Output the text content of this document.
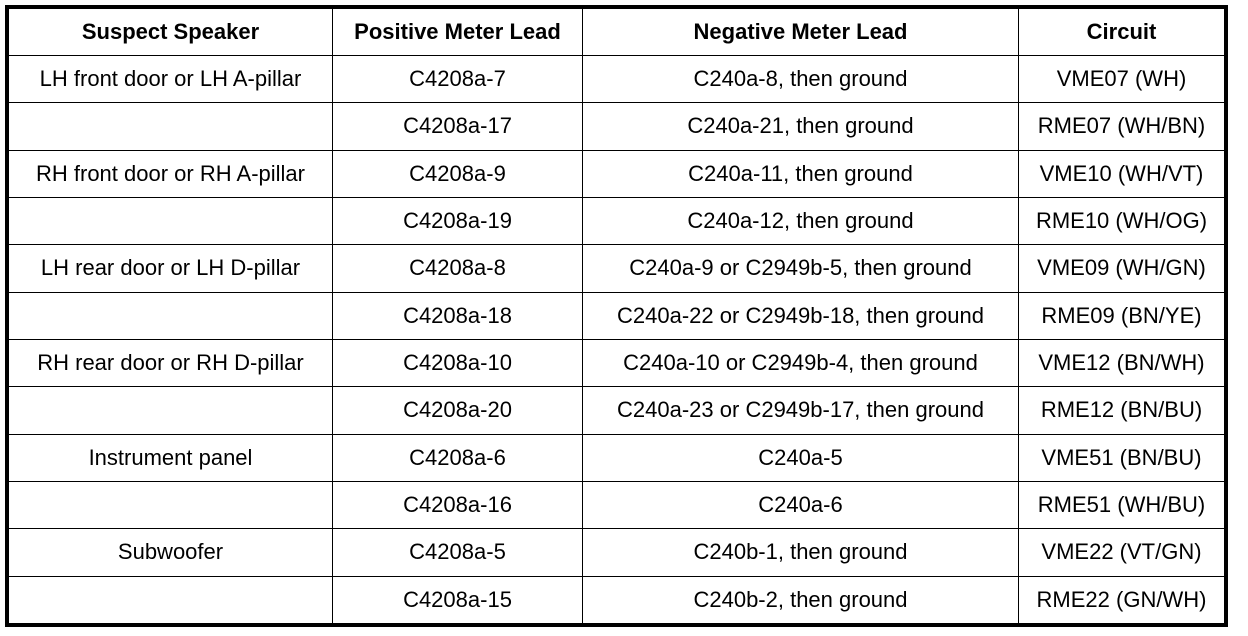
Suspect Speaker	Positive Meter Lead	Negative Meter Lead	Circuit
LH front door or LH A-pillar	C4208a-7	C240a-8, then ground	VME07 (WH)
	C4208a-17	C240a-21, then ground	RME07 (WH/BN)
RH front door or RH A-pillar	C4208a-9	C240a-11, then ground	VME10 (WH/VT)
	C4208a-19	C240a-12, then ground	RME10 (WH/OG)
LH rear door or LH D-pillar	C4208a-8	C240a-9 or C2949b-5, then ground	VME09 (WH/GN)
	C4208a-18	C240a-22 or C2949b-18, then ground	RME09 (BN/YE)
RH rear door or RH D-pillar	C4208a-10	C240a-10 or C2949b-4, then ground	VME12 (BN/WH)
	C4208a-20	C240a-23 or C2949b-17, then ground	RME12 (BN/BU)
Instrument panel	C4208a-6	C240a-5	VME51 (BN/BU)
	C4208a-16	C240a-6	RME51 (WH/BU)
Subwoofer	C4208a-5	C240b-1, then ground	VME22 (VT/GN)
	C4208a-15	C240b-2, then ground	RME22 (GN/WH)
